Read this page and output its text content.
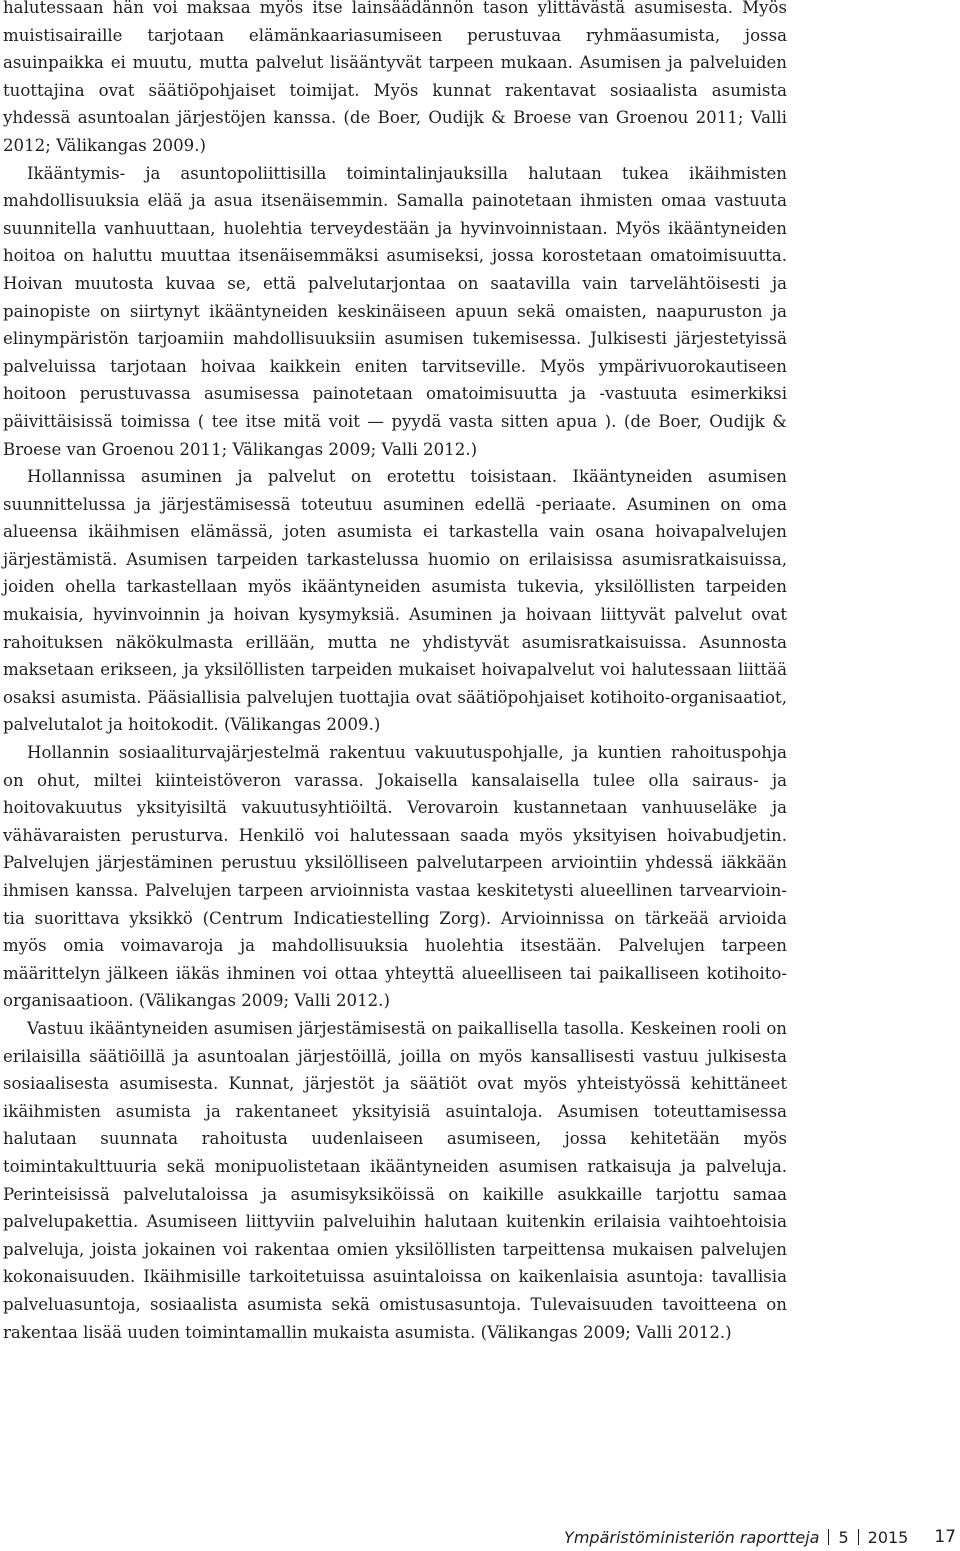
halutessaan hän voi maksaa myös itse lainsäädännön tason ylittävästä asumisesta. Myös muistisairaille tarjotaan elämänkaariasumiseen perustuvaa ryhmäasumista, jossa asuinpaikka ei muutu, mutta palvelut lisääntyvät tarpeen mukaan. Asumisen ja palveluiden tuottajina ovat säätiöpohjaiset toimijat. Myös kunnat rakentavat sosiaalista asumista yhdessä asuntoalan järjestöjen kanssa. (de Boer, Oudijk & Broese van Groenou 2011; Valli 2012; Välikangas 2009.)

Ikääntymis- ja asuntopoliittisilla toimintalinjauksilla halutaan tukea ikäihmisten mahdollisuuksia elää ja asua itsenäisemmin. Samalla painotetaan ihmisten omaa vastuuta suunnitella vanhuuttaan, huolehtia terveydestään ja hyvinvoinnistaan. Myös ikääntyneiden hoitoa on haluttu muuttaa itsenäisemmäksi asumiseksi, jossa korostetaan omatoimisuutta. Hoivan muutosta kuvaa se, että palvelutarjontaa on saatavilla vain tarvelähtöisesti ja painopiste on siirtynyt ikääntyneiden keskinäiseen apuun sekä omaisten, naapuruston ja elinympäristön tarjoamiin mahdollisuuksiin asumisen tukemisessa. Julkisesti järjestetyissä palveluissa tarjotaan hoivaa kaikkein eniten tarvitseville. Myös ympärivuorokautiseen hoitoon perustuvassa asumisessa painotetaan omatoimisuutta ja -vastuuta esimerkiksi päivittäisissä toimissa ( tee itse mitä voit — pyydä vasta sitten apua ). (de Boer, Oudijk & Broese van Groenou 2011; Välikangas 2009; Valli 2012.)

Hollannissa asuminen ja palvelut on erotettu toisistaan. Ikääntyneiden asumisen suunnittelussa ja järjestämisessä toteutuu asuminen edellä -periaate. Asuminen on oma alueensa ikäihmisen elämässä, joten asumista ei tarkastella vain osana hoivapalvelujen järjestämistä. Asumisen tarpeiden tarkastelussa huomio on erilaisissa asumisratkaisuissa, joiden ohella tarkastellaan myös ikääntyneiden asumista tukevia, yksilöllisten tarpeiden mukaisia, hyvinvoinnin ja hoivan kysymyksiä. Asuminen ja hoivaan liittyvät palvelut ovat rahoituksen näkökulmasta erillään, mutta ne yhdistyvät asumisratkaisuissa. Asunnosta maksetaan erikseen, ja yksilöllisten tarpeiden mukaiset hoivapalvelut voi halutessaan liittää osaksi asumista. Pääsiallisia palvelujen tuottajia ovat säätiöpohjaiset kotihoito-organisaatiot, palvelutalot ja hoitokodit. (Välikangas 2009.)

Hollannin sosiaaliturvajärjestelmä rakentuu vakuutuspohjalle, ja kuntien rahoituspohja on ohut, miltei kiinteistöveron varassa. Jokaisella kansalaisella tulee olla sairaus- ja hoitovakuutus yksityisiltä vakuutusyhtiöiltä. Verovaroin kustannetaan vanhuuseläke ja vähävaraisten perusturva. Henkilö voi halutessaan saada myös yksityisen hoivabudjetin. Palvelujen järjestäminen perustuu yksilölliseen palvelutarpeen arviointiin yhdessä iäkkään ihmisen kanssa. Palvelujen tarpeen arvioinnista vastaa keskitetysti alueellinen tarvearviointia suorittava yksikkö (Centrum Indicatiestelling Zorg). Arvioinnissa on tärkeää arvioida myös omia voimavaroja ja mahdollisuuksia huolehtia itsestään. Palvelujen tarpeen määrittelyn jälkeen iäkäs ihminen voi ottaa yhteyttä alueelliseen tai paikalliseen kotihoito-organisaatioon. (Välikangas 2009; Valli 2012.)

Vastuu ikääntyneiden asumisen järjestämisestä on paikallisella tasolla. Keskeinen rooli on erilaisilla säätiöillä ja asuntoalan järjestöillä, joilla on myös kansallisesti vastuu julkisesta sosiaalisesta asumisesta. Kunnat, järjestöt ja säätiöt ovat myös yhteistyössä kehittäneet ikäihmisten asumista ja rakentaneet yksityisiä asuintaloja. Asumisen toteuttamisessa halutaan suunnata rahoitusta uudenlaiseen asumiseen, jossa kehitetään myös toimintakulttuuria sekä monipuolistetaan ikääntyneiden asumisen ratkaisuja ja palveluja. Perinteisissä palvelutaloissa ja asumisyksiköissä on kaikille asukkaille tarjottu samaa palvelupakettia. Asumiseen liittyviin palveluihin halutaan kuitenkin erilaisia vaihtoehtoisia palveluja, joista jokainen voi rakentaa omien yksilöllisten tarpeittensa mukaisen palvelujen kokonaisuuden. Ikäihmisille tarkoitetuissa asuintaloissa on kaikenlaisia asuntoja: tavallisia palveluasuntoja, sosiaalista asumista sekä omistusasuntoja. Tulevaisuuden tavoitteena on rakentaa lisää uuden toimintamallin mukaista asumista. (Välikangas 2009; Valli 2012.)

Ympäristöministeriön raportteja 5 2015 17
